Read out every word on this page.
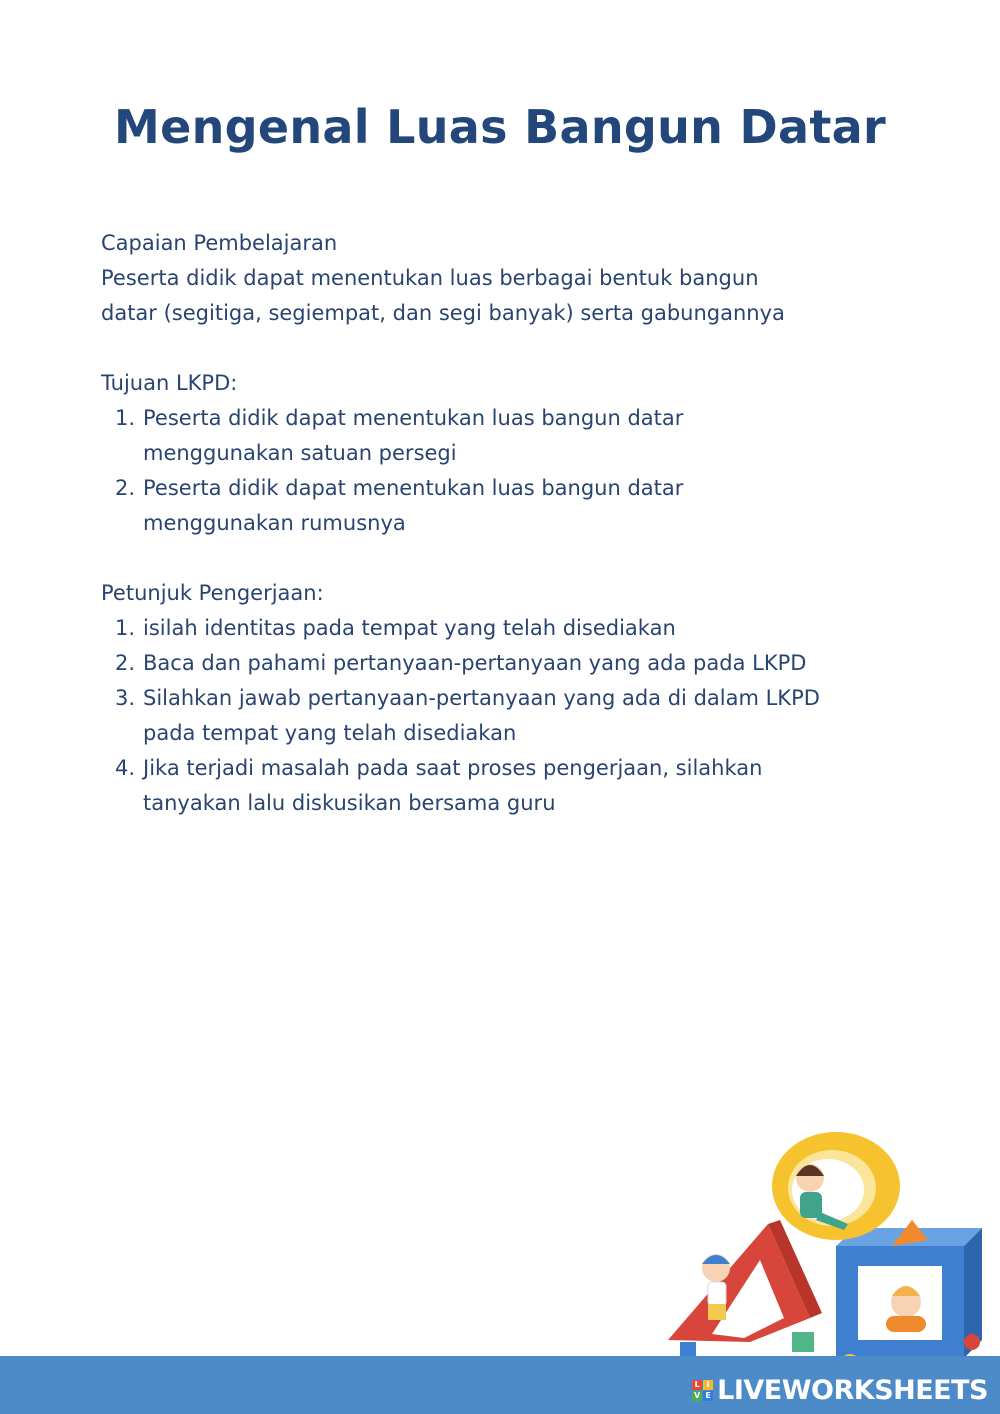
Mengenal Luas Bangun Datar

Capaian Pembelajaran

Peserta didik dapat menentukan luas berbagai bentuk bangun

datar (segitiga, segiempat, dan segi banyak) serta gabungannya

Tujuan LKPD:

1. Peserta didik dapat menentukan luas bangun datar
menggunakan satuan persegi
2. Peserta didik dapat menentukan luas bangun datar
menggunakan rumusnya

Petunjuk Pengerjaan:

1. isilah identitas pada tempat yang telah disediakan
2. Baca dan pahami pertanyaan-pertanyaan yang ada pada LKPD
3. Silahkan jawab pertanyaan-pertanyaan yang ada di dalam LKPD
pada tempat yang telah disediakan
4. Jika terjadi masalah pada saat proses pengerjaan, silahkan
tanyakan lalu diskusikan bersama guru
L I
V E LIVEWORKSHEETS
